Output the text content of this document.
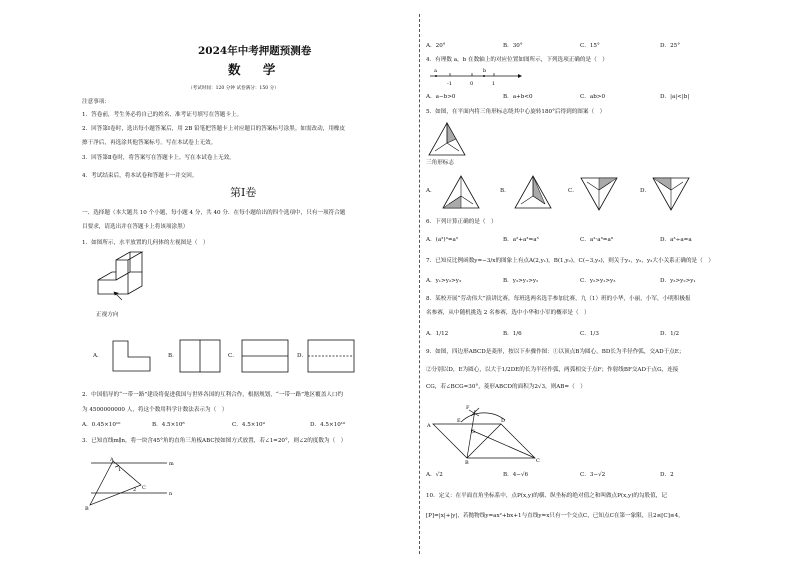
2024年中考押题预测卷
数 学
（考试时间：120 分钟 试卷满分：150 分）
注意事项：
1．答卷前，考生务必将自己的姓名、准考证号填写在答题卡上。
2．回答第Ⅰ卷时，选出每小题答案后，用 2B 铅笔把答题卡上对应题目的答案标号涂黑。如需改动，用橡皮
擦干净后，再选涂其他答案标号。写在本试卷上无效。
3．回答第Ⅱ卷时，将答案写在答题卡上。写在本试卷上无效。
4．考试结束后，将本试卷和答题卡一并交回。
第Ⅰ卷
一、选择题（本大题共 10 个小题，每小题 4 分，共 40 分．在每小题给出的四个选项中，只有一项符合题
目要求，请选出并在答题卡上将该项涂黑）
1．如图所示，水平放置的几何体的左视图是（　）
正视方向
A．	B．	C．	D．
2．中国倡导的“一带一路”建设将促进我国与世界各国的互利合作，根据规划，“一带一路”地区覆盖人口约
为 4500000000 人，将这个数用科学计数法表示为（　）
A．0.45×10¹⁰	B．4.5×10⁸	C．4.5×10⁹	D．4.5×10¹⁰
3．已知直线m∥n，将一块含45°角的直角三角板ABC按如图方式放置，若∠1=20°，则∠2的度数为（　）
A
B
C
m
n
1
2
A．20°	B．30°	C．15°	D．25°
4．有理数 a，b 在数轴上的对应位置如图所示，下列选项正确的是（　）
a	b
-1	0	1
A．a−b>0	B．a+b<0	C．ab>0	D．|a|<|b|
5．如图，在平面内将三角形标志绕其中心旋转180°后得到的图案（　）
三角形标志
A．	B．	C．	D．
6．下列计算正确的是（　）
A．(a²)³=a⁵	B．a²+a³=a⁵	C．a²·a³=a⁶	D．a³÷a=a
7．已知反比例函数y=−3/x的图象上有点A(2,y₁)，B(1,y₂)，C(−3,y₃)，则关于y₁，y₂，y₃大小关系正确的是（　）
A．y₁>y₂>y₃	B．y₃>y₁>y₂	C．y₂>y₁>y₃	D．y₃>y₂>y₁
8．某校开展“劳动伟大”演讲比赛，每班选两名选手参加比赛，九（1）班的小华，小丽，小军，小明积极报
名参赛，从中随机挑选 2 名参赛，选中小华和小军的概率是（　）
A．1/12	B．1/6	C．1/3	D．1/2
9．如图，四边形ABCD是菱形，按以下步骤作图：①以顶点B为圆心，BD长为半径作弧，交AD于点E；
②分别以D，E为圆心，以大于1/2DE的长为半径作弧，两弧相交于点F；作射线BF交AD于点G，连接
CG，若∠BCG=30°，菱形ABCD的面积为2√3，则AB=（　）
A
B	C
D
E
F
G
A．√2	B．4−√6	C．3−√2	D．2
10．定义：在平面直角坐标系中，点P(x,y)的横、纵坐标的绝对值之和叫做点P(x,y)的勾股值，记
[P]=|x|+|y|，若抛物线y=ax²+bx+1与直线y=x只有一个交点C，已知点C在第一象限，且2≤[C]≤4，
